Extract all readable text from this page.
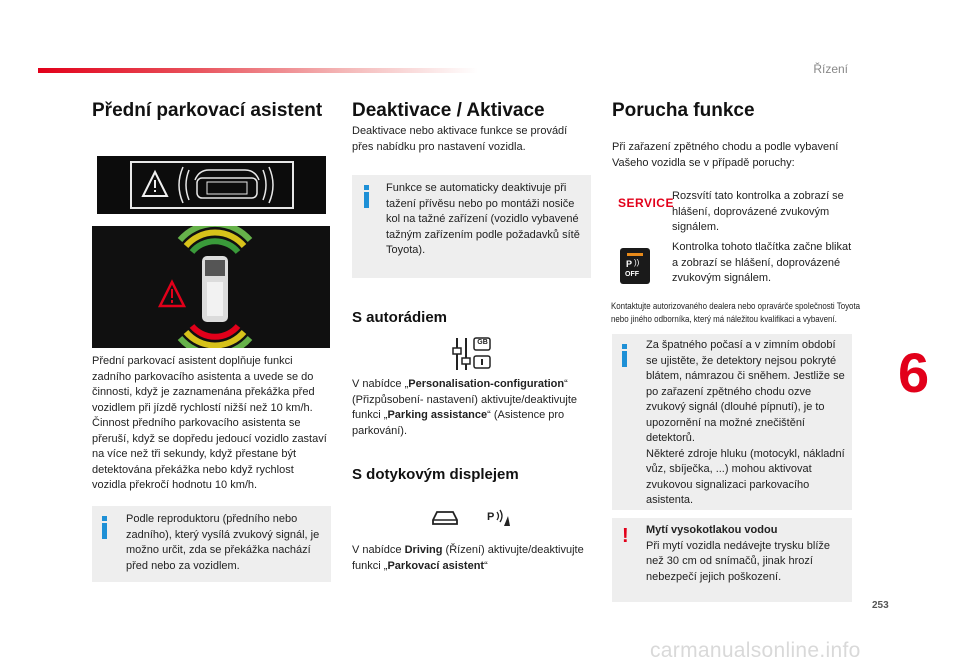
Řízení
6
253
carmanualsonline.info
Přední parkovací asistent

Přední parkovací asistent doplňuje funkci zadního parkovacího asistenta a uvede se do činnosti, když je zaznamenána překážka před vozidlem při jízdě rychlostí nižší než 10 km/h. Činnost předního parkovacího asistenta se přeruší, když se dopředu jedoucí vozidlo zastaví na více než tři sekundy, když přestane být detektována překážka nebo když rychlost vozidla překročí hodnotu 10 km/h.

Podle reproduktoru (předního nebo zadního), který vysílá zvukový signál, je možno určit, zda se překážka nachází před nebo za vozidlem.

Deaktivace / Aktivace

Deaktivace nebo aktivace funkce se provádí přes nabídku pro nastavení vozidla.

Funkce se automaticky deaktivuje při tažení přívěsu nebo po montáži nosiče kol na tažné zařízení (vozidlo vybavené tažným zařízením podle požadavků sítě Toyota).

S autorádiem
GB

V nabídce „Personalisation-configuration“ (Přizpůsobení- nastavení) aktivujte/deaktivujte funkci „Parking assistance“ (Asistence pro parkování).

S dotykovým displejem
P

V nabídce Driving (Řízení) aktivujte/deaktivujte funkci „Parkovací asistent“

Porucha funkce

Při zařazení zpětného chodu a podle vybavení Vašeho vozidla se v případě poruchy:

SERVICE

Rozsvítí tato kontrolka a zobrazí se hlášení, doprovázené zvukovým signálem.

P ))
OFF

Kontrolka tohoto tlačítka začne blikat a zobrazí se hlášení, doprovázené zvukovým signálem.

Kontaktujte autorizovaného dealera nebo opravárče společnosti Toyota
nebo jiného odborníka, který má náležitou kvalifikaci a vybavení.

Za špatného počasí a v zimním období se ujistěte, že detektory nejsou pokryté blátem, námrazou či sněhem. Jestliže se po zařazení zpětného chodu ozve zvukový signál (dlouhé pípnutí), je to upozornění na možné znečištění detektorů.
Některé zdroje hluku (motocykl, nákladní vůz, sbíječka, ...) mohou aktivovat zvukovou signalizaci parkovacího asistenta.

! Mytí vysokotlakou vodou
Při mytí vozidla nedávejte trysku blíže než 30 cm od snímačů, jinak hrozí nebezpečí jejich poškození.
